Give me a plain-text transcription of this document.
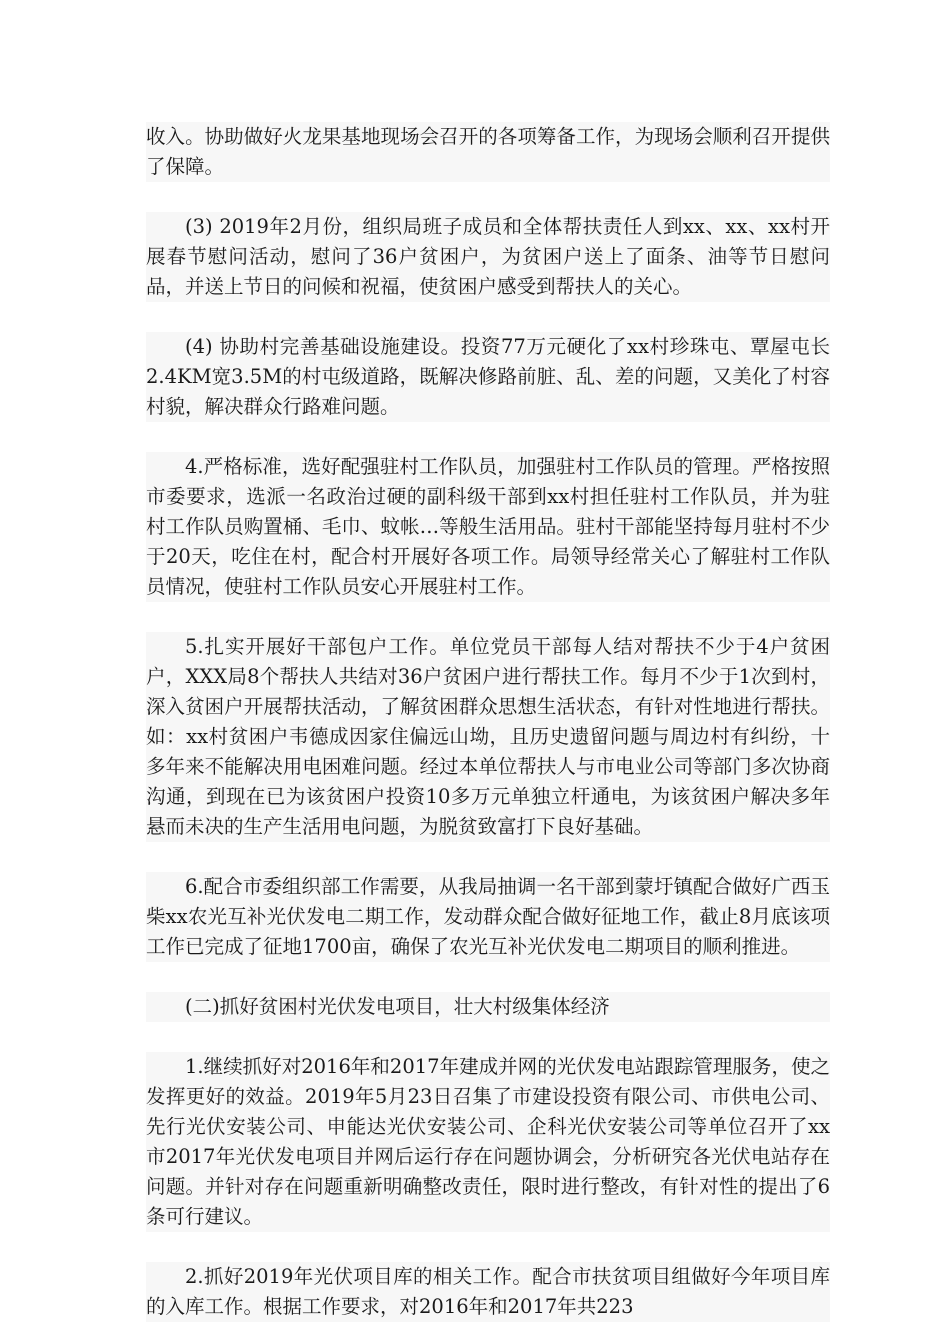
收入。协助做好火龙果基地现场会召开的各项筹备工作，为现场会顺利召开提供了保障。

(3) 2019年2月份，组织局班子成员和全体帮扶责任人到xx、xx、xx村开展春节慰问活动，慰问了36户贫困户，为贫困户送上了面条、油等节日慰问品，并送上节日的问候和祝福，使贫困户感受到帮扶人的关心。

(4) 协助村完善基础设施建设。投资77万元硬化了xx村珍珠屯、覃屋屯长2.4KM宽3.5M的村屯级道路，既解决修路前脏、乱、差的问题，又美化了村容村貌，解决群众行路难问题。

4.严格标准，选好配强驻村工作队员，加强驻村工作队员的管理。严格按照市委要求，选派一名政治过硬的副科级干部到xx村担任驻村工作队员，并为驻村工作队员购置桶、毛巾、蚊帐…等般生活用品。驻村干部能坚持每月驻村不少于20天，吃住在村，配合村开展好各项工作。局领导经常关心了解驻村工作队员情况，使驻村工作队员安心开展驻村工作。

5.扎实开展好干部包户工作。单位党员干部每人结对帮扶不少于4户贫困户，XXX局8个帮扶人共结对36户贫困户进行帮扶工作。每月不少于1次到村，深入贫困户开展帮扶活动，了解贫困群众思想生活状态，有针对性地进行帮扶。如：xx村贫困户韦德成因家住偏远山坳，且历史遗留问题与周边村有纠纷，十多年来不能解决用电困难问题。经过本单位帮扶人与市电业公司等部门多次协商沟通，到现在已为该贫困户投资10多万元单独立杆通电，为该贫困户解决多年悬而未决的生产生活用电问题，为脱贫致富打下良好基础。

6.配合市委组织部工作需要，从我局抽调一名干部到蒙圩镇配合做好广西玉柴xx农光互补光伏发电二期工作，发动群众配合做好征地工作，截止8月底该项工作已完成了征地1700亩，确保了农光互补光伏发电二期项目的顺利推进。

(二)抓好贫困村光伏发电项目，壮大村级集体经济

1.继续抓好对2016年和2017年建成并网的光伏发电站跟踪管理服务，使之发挥更好的效益。2019年5月23日召集了市建设投资有限公司、市供电公司、先行光伏安装公司、申能达光伏安装公司、企科光伏安装公司等单位召开了xx市2017年光伏发电项目并网后运行存在问题协调会，分析研究各光伏电站存在问题。并针对存在问题重新明确整改责任，限时进行整改，有针对性的提出了6条可行建议。

2.抓好2019年光伏项目库的相关工作。配合市扶贫项目组做好今年项目库的入库工作。根据工作要求，对2016年和2017年共223
